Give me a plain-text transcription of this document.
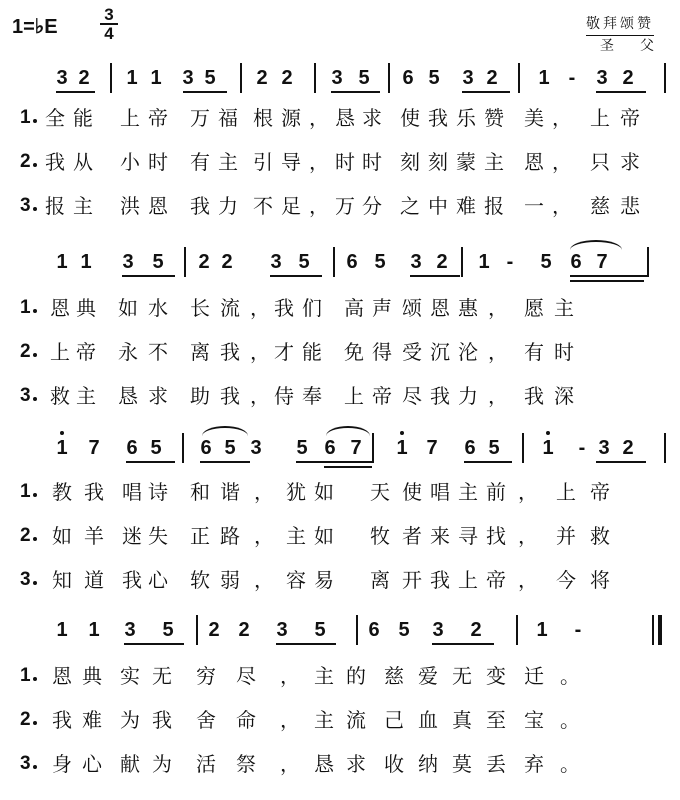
1=♭E $\frac{3}{4}$	敬拜颂赞
圣父
3 2 1 1 3 5 2 2 3 5 6 5 3 2 1 -	3 2
1 全 能 上 帝 万 福 根 源 ， 恳 求 使 我 乐 赞 美 ， 上 帝
2 我 从 小 时 有 主 引 导 ， 时 时 刻 刻 蒙 主 恩 ， 只 求
3 报 主 洪 恩 我 力 不 足 ， 万 分 之 中 难 报 一 ， 慈 悲
1 1 3 5 2 2 3 5 6 5 3 2 1 -	5 6 7
1 恩 典 如 水 长 流 ， 我 们 高 声 颂 恩 惠 ， 愿 主
2 上 帝 永 不 离 我 ， 才 能 免 得 受 沉 沦 ， 有 时
3 救 主 恳 求 助 我 ， 侍 奉 上 帝 尽 我 力 ， 我 深
1 7 6 5 6 5 3 5 6 7 1 7 6 5 1	- 3 2
1 教 我 唱 诗 和 谐 ， 犹 如 天 使 唱 主 前 ， 上 帝
2 如 羊 迷 失 正 路 ， 主 如 牧 者 来 寻 找 ， 并 救
3 知 道 我 心 软 弱 ， 容 易 离 开 我 上 帝 ， 今 将
1 1 3 5 2 2 3 5 6 5 3 2	1	-
1 恩 典 实 无 穷 尽 ， 主 的 慈 爱 无 变 迁 。
2 我 难 为 我 舍 命 ， 主 流 己 血 真 至 宝 。
3 身 心 献 为 活 祭 ， 恳 求 收 纳 莫 丢 弃 。
